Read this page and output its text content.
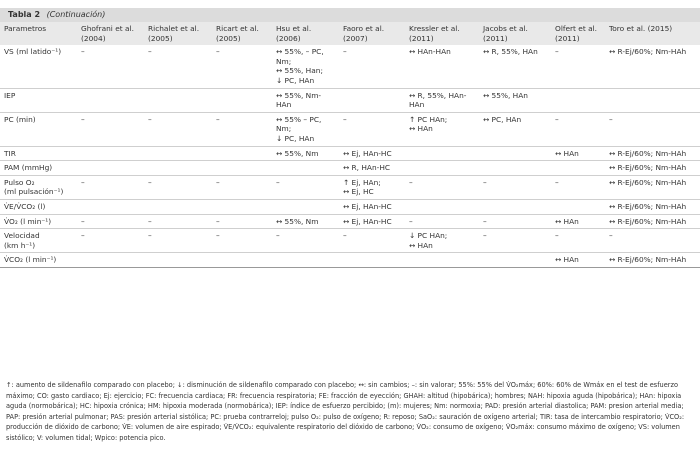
Tabla 2 (Continuación)
Parametros	Ghofrani et al. (2004)	Richalet et al. (2005)	Ricart et al. (2005)	Hsu et al. (2006)	Faoro et al. (2007)	Kressler et al. (2011)	Jacobs et al. (2011)	Olfert et al. (2011)	Toro et al. (2015)
VS (ml latido⁻¹)	–	–	–	↔ 55%, – PC, Nm;
↔ 55%, Han;
↓ PC, HAn	–	↔ HAn-HAn	↔ R, 55%, HAn	–	↔ R-Ej/60%; Nm-HAh
IEP				↔ 55%, Nm-HAn		↔ R, 55%, HAn-HAn	↔ 55%, HAn		
PC (min)	–	–	–	↔ 55% – PC, Nm;
↓ PC, HAn	–	↑ PC HAn;
↔ HAn	↔ PC, HAn	–	–
TIR				↔ 55%, Nm	↔ Ej, HAn-HC			↔ HAn	↔ R-Ej/60%; Nm-HAh
PAM (mmHg)					↔ R, HAn-HC				↔ R-Ej/60%; Nm-HAh
Pulso O₂
(ml pulsación⁻¹)	–	–	–	–	↑ Ej, HAn;
↔ Ej, HC	–	–	–	↔ R-Ej/60%; Nm-HAh
V̇E/V̇CO₂ (l)					↔ Ej, HAn-HC				↔ R-Ej/60%; Nm-HAh
V̇O₂ (l min⁻¹)	–	–	–	↔ 55%, Nm	↔ Ej, HAn-HC	–	–	↔ HAn	↔ R-Ej/60%; Nm-HAh
Velocidad
(km h⁻¹)	–	–	–	–	–	↓ PC HAn;
↔ HAn	–	–	–
V̇CO₂ (l min⁻¹)								↔ HAn	↔ R-Ej/60%; Nm-HAh
↑: aumento de sildenafilo comparado con placebo; ↓: disminución de sildenafilo comparado con placebo; ↔: sin cambios; –: sin valorar; 55%: 55% del V̇O₂máx; 60%: 60% de Wmáx en el test de esfuerzo máximo; CO: gasto cardiaco; Ej: ejercicio; FC: frecuencia cardiaca; FR: frecuencia respiratoria; FE: fracción de eyección; GHAH: altitud (hipobárica); hombres; NAH: hipoxia aguda (hipobárica); HAn: hipoxia aguda (normobárica); HC: hipoxia crónica; HM: hipoxia moderada (normobárica); IEP: índice de esfuerzo percibido; (m): mujeres; Nm: normoxia; PAD: presión arterial diastolica; PAM: presion arterial media; PAP: presión arterial pulmonar; PAS: presión arterial sistólica; PC: prueba contrarreloj; pulso O₂: pulso de oxígeno; R: reposo; SaO₂: sauración de oxígeno arterial; TIR: tasa de intercambio respiratorio; V̇CO₂: producción de dióxido de carbono; V̇E: volumen de aire espirado; V̇E/V̇CO₂: equivalente respiratorio del dióxido de carbono; V̇O₂: consumo de oxígeno; V̇O₂máx: consumo máximo de oxígeno; VS: volumen sistólico; V: volumen tidal; Wpico: potencia pico.
